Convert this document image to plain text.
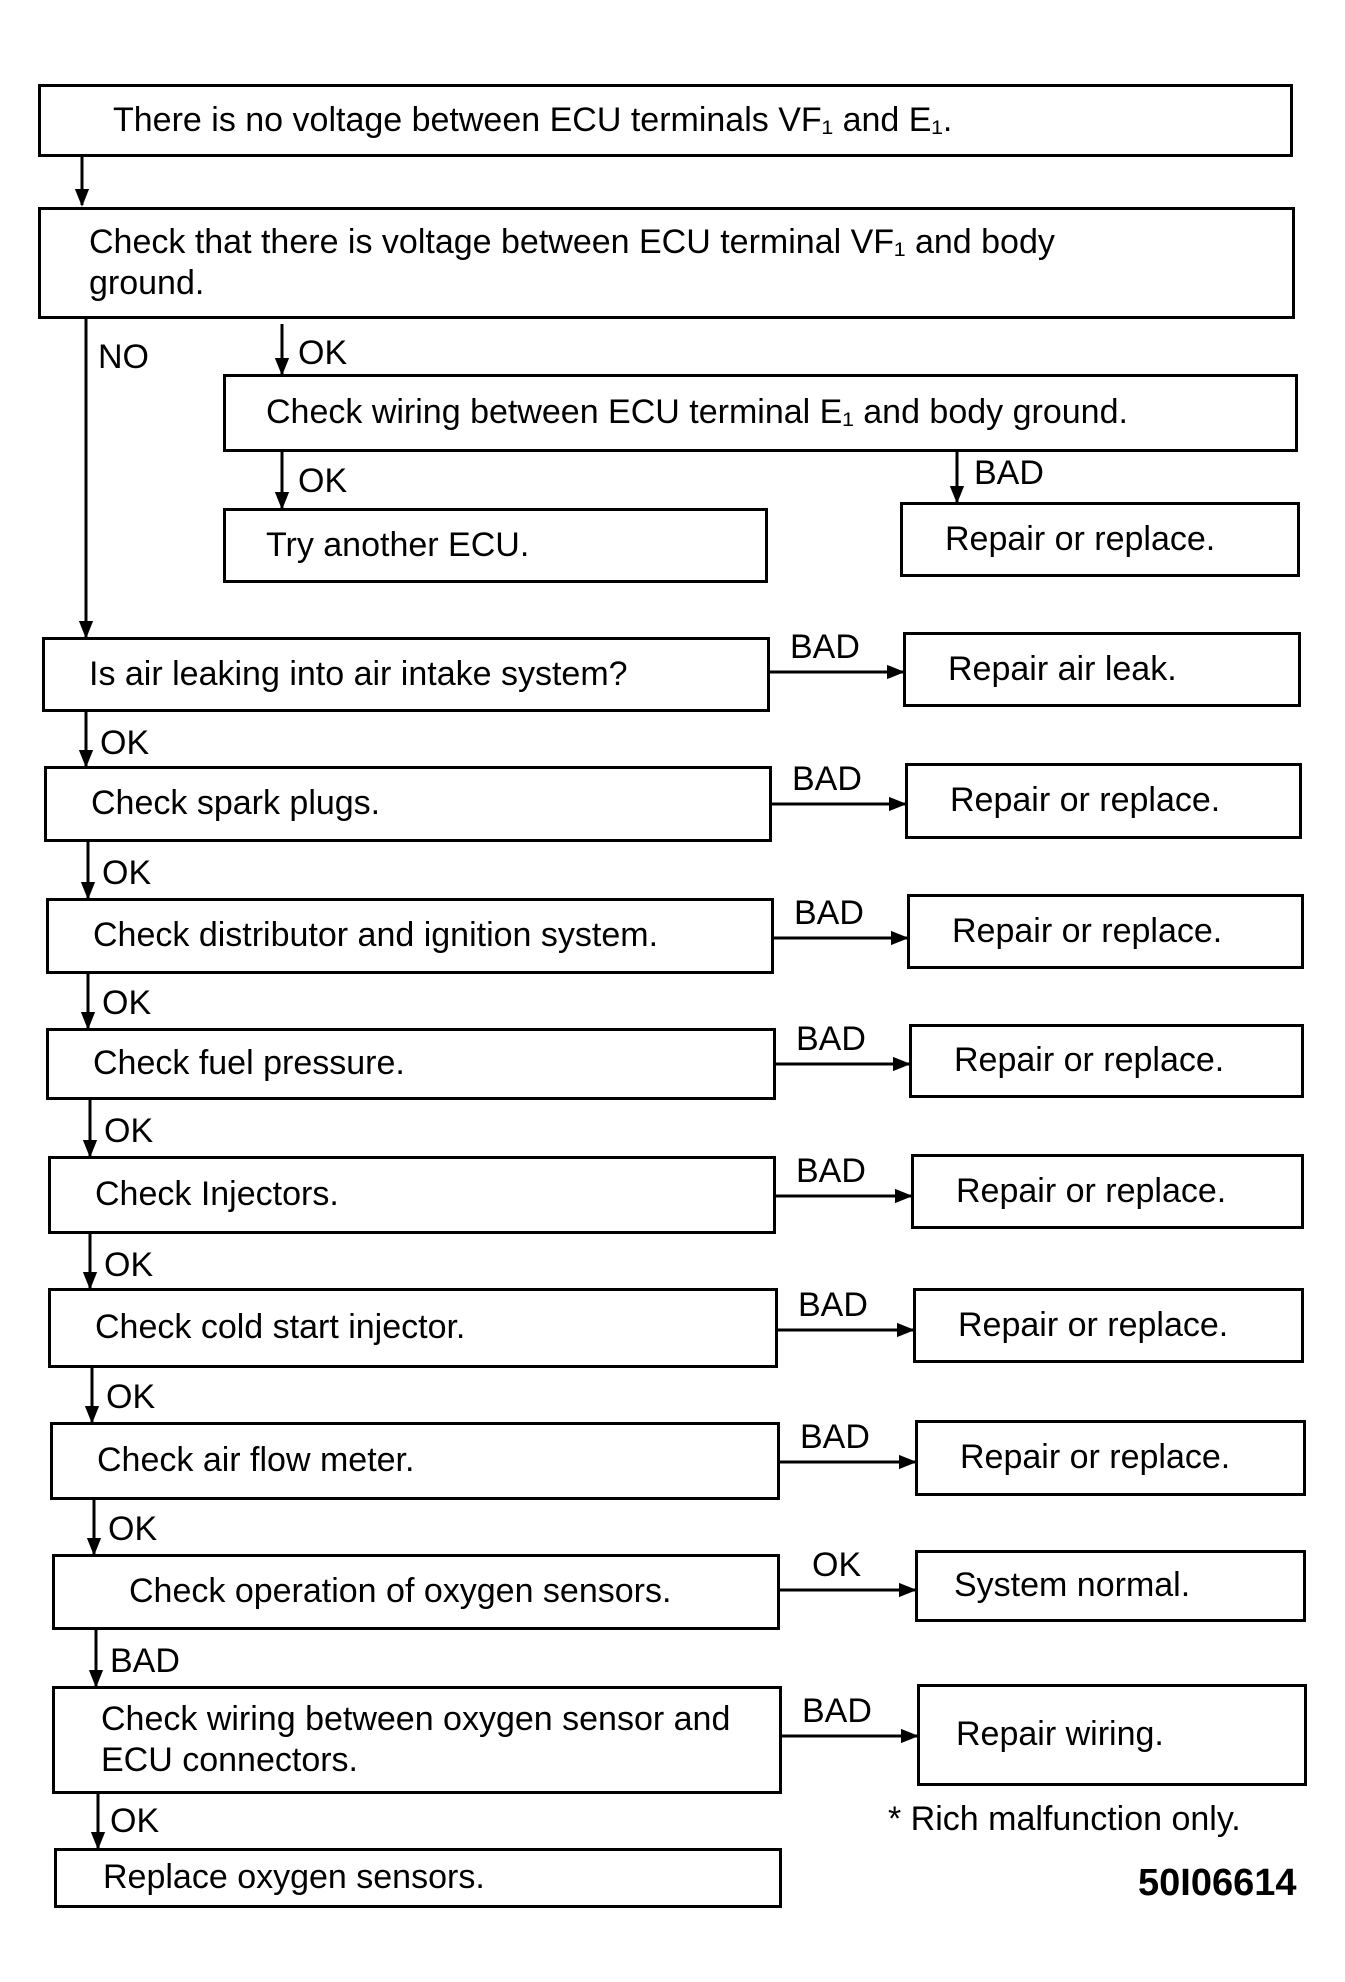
There is no voltage between ECU terminals VF₁ and E₁.
Check that there is voltage between ECU terminal VF₁ and body ground.
Check wiring between ECU terminal E₁ and body ground.
Try another ECU.	Repair or replace.
Is air leaking into air intake system?	Repair air leak.
Check spark plugs.	Repair or replace.
Check distributor and ignition system.	Repair or replace.
Check fuel pressure.	Repair or replace.
Check Injectors.	Repair or replace.
Check cold start injector.	Repair or replace.
Check air flow meter.	Repair or replace.
Check operation of oxygen sensors.	System normal.
Check wiring between oxygen sensor and ECU connectors.
Repair wiring.
Replace oxygen sensors.
NO	OK
OK	BAD
BAD
OK
BAD
OK
BAD
OK
BAD
OK
BAD
OK
BAD
OK
BAD
OK
OK
BAD
BAD
OK	* Rich malfunction only.
50I06614
